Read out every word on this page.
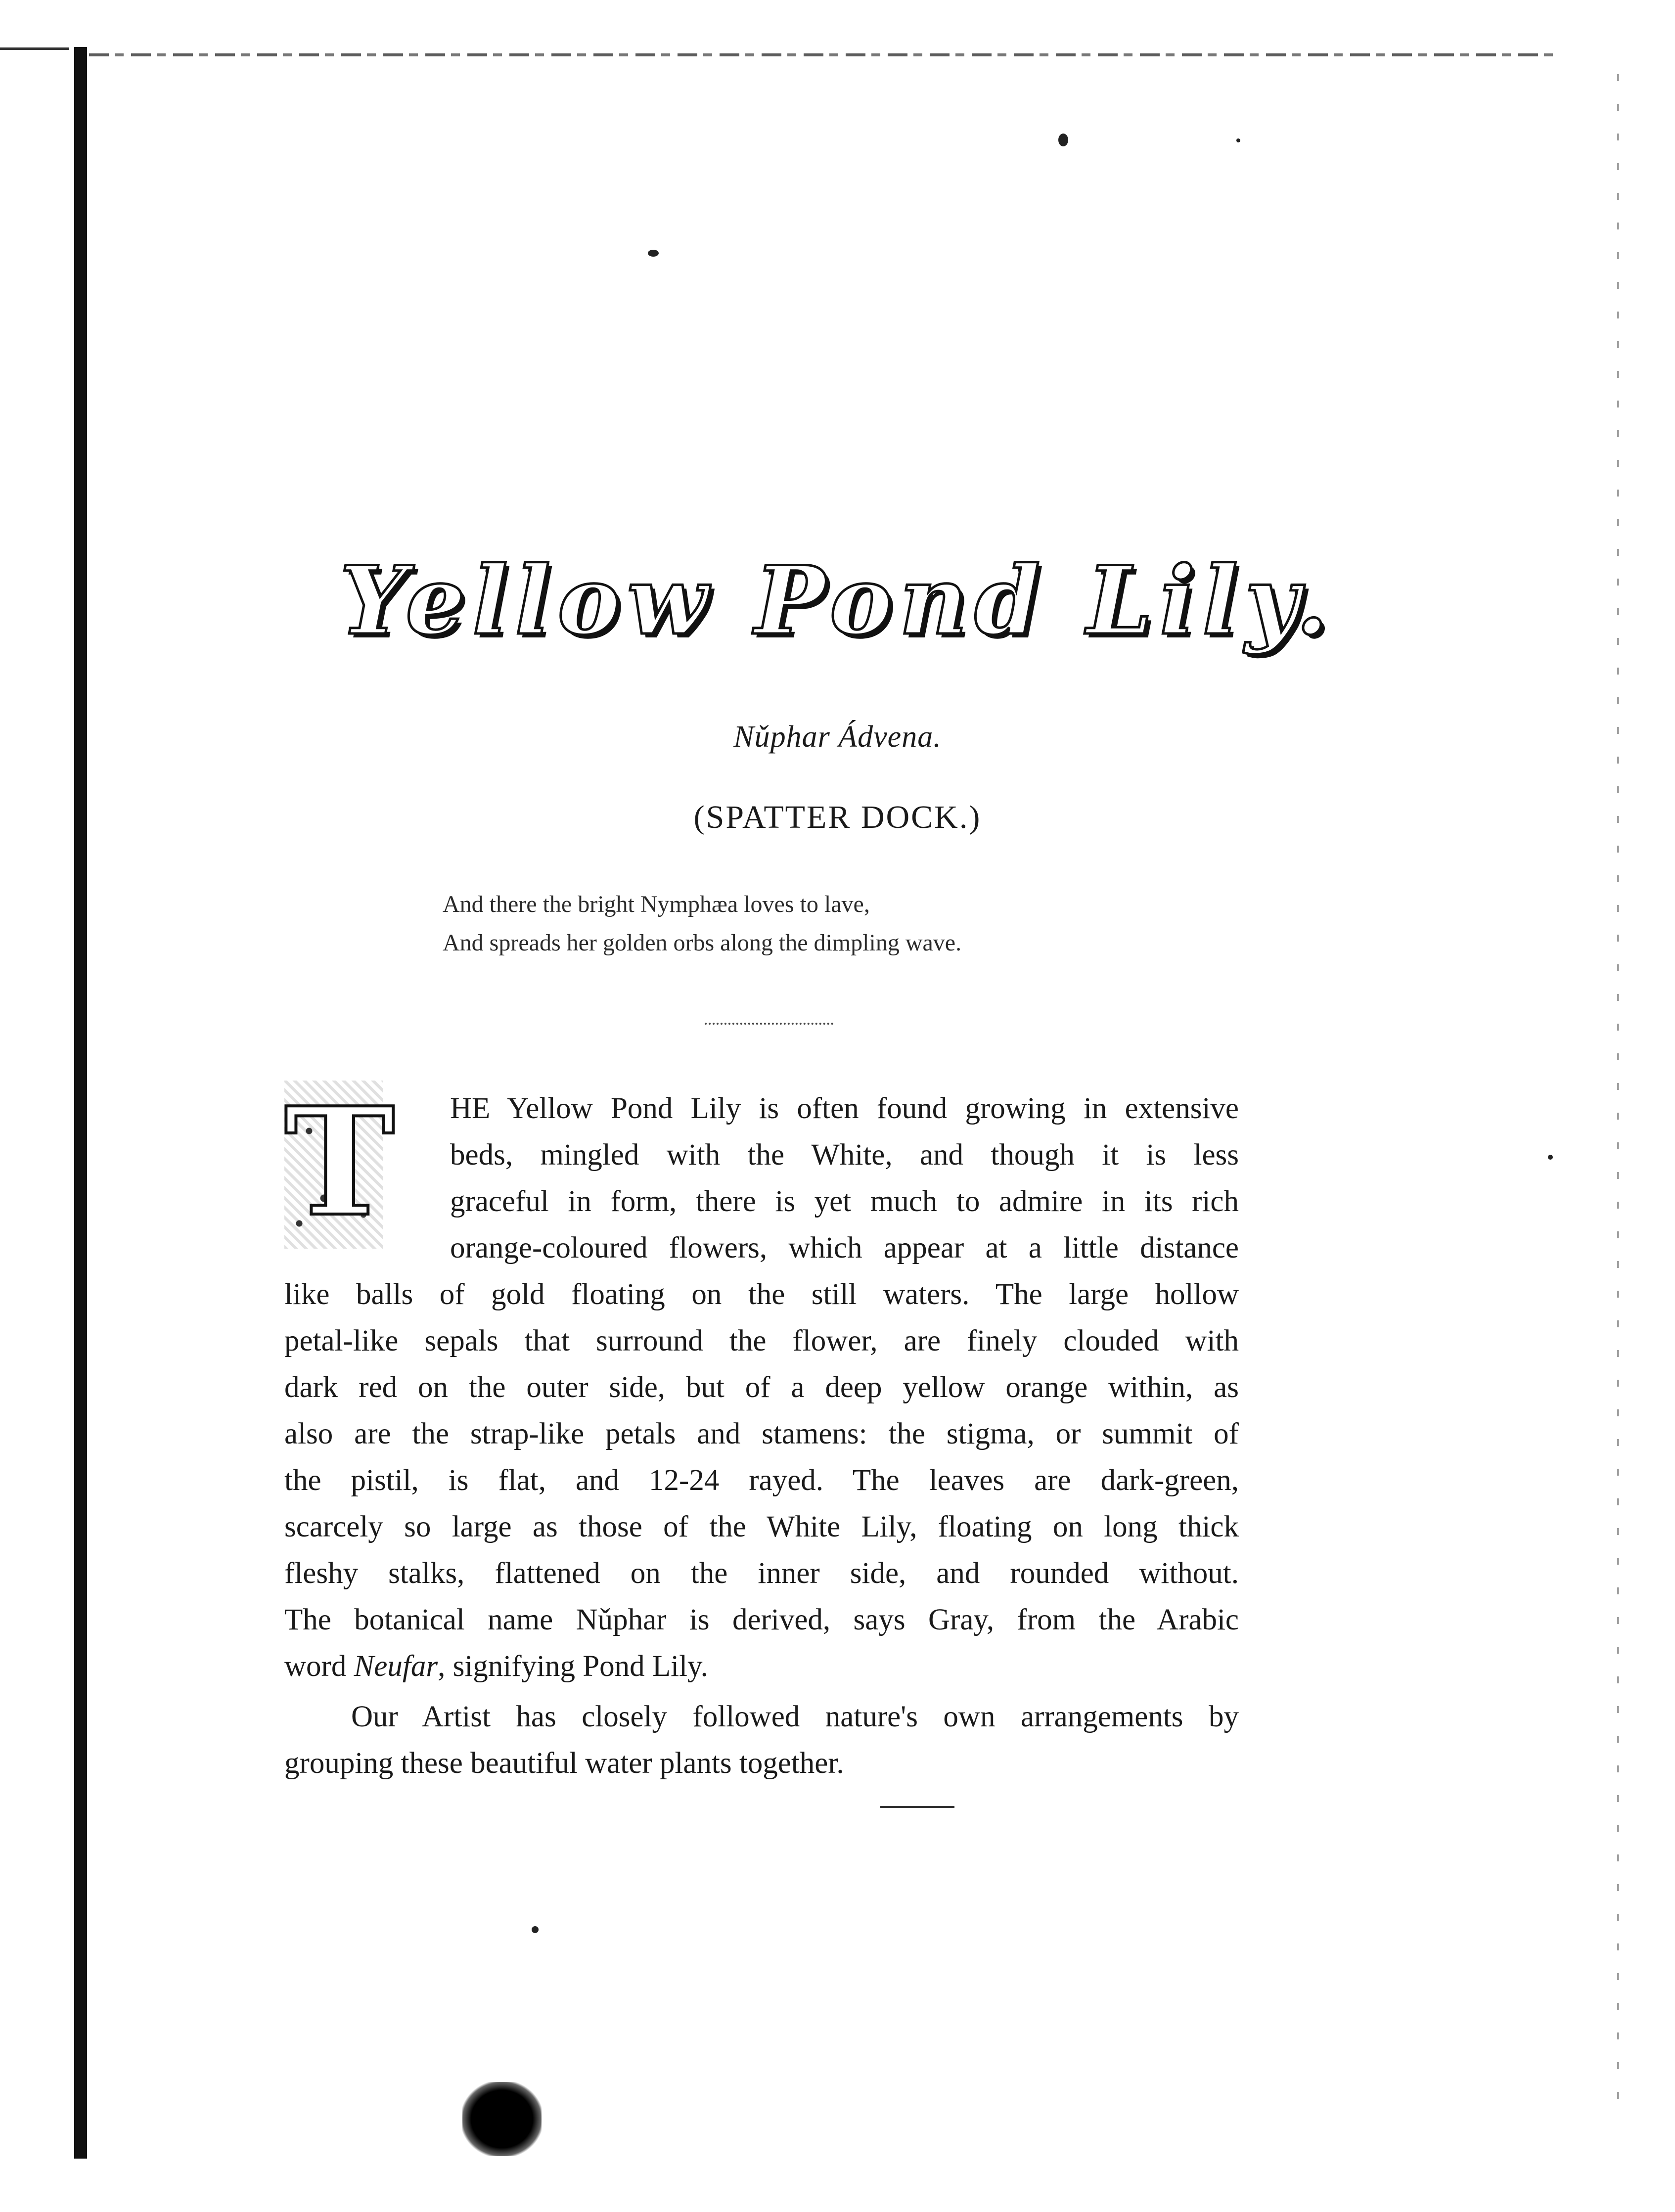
Yellow Pond Lily.
Nǔphar Ádvena.
(SPATTER DOCK.)
And there the bright Nymphæa loves to lave,
And spreads her golden orbs along the dimpling wave.
T HE Yellow Pond Lily is often found growing in extensive
beds, mingled with the White, and though it is less
graceful in form, there is yet much to admire in its rich
orange-coloured flowers, which appear at a little distance
like balls of gold floating on the still waters. The large hollow
petal-like sepals that surround the flower, are finely clouded with
dark red on the outer side, but of a deep yellow orange within, as
also are the strap-like petals and stamens: the stigma, or summit of
the pistil, is flat, and 12-24 rayed. The leaves are dark-green,
scarcely so large as those of the White Lily, floating on long thick
fleshy stalks, flattened on the inner side, and rounded without.
The botanical name Nǔphar is derived, says Gray, from the Arabic
word Neufar, signifying Pond Lily.
Our Artist has closely followed nature's own arrangements by
grouping these beautiful water plants together.
